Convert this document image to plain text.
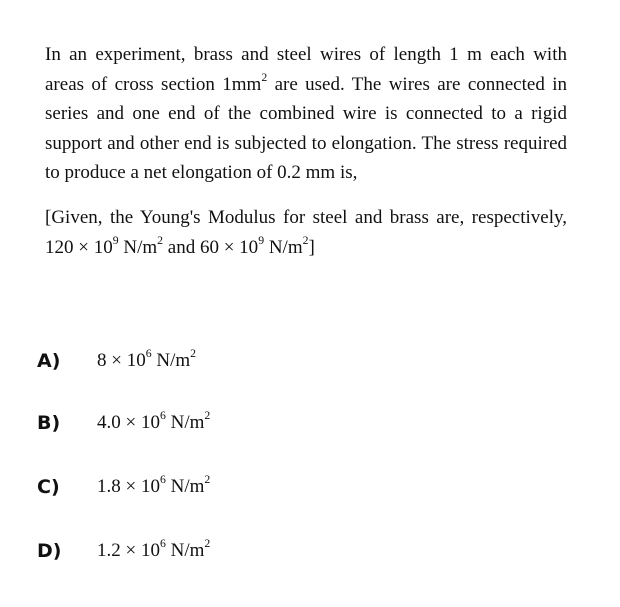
In an experiment, brass and steel wires of length 1 m each with areas of cross section $1mm^2$ are used. The wires are connected in series and one end of the combined wire is connected to a rigid support and other end is subjected to elongation. The stress required to produce a net elongation of 0.2 mm is,

[Given, the Young's Modulus for steel and brass are, respectively, $120 \times 10^9$ $N/m^2$ and $60 \times 10^9$ $N/m^2$]

A)	$8 \times 10^6$ $N/m^2$
B)	$4.0 \times 10^6$ $N/m^2$
C)	$1.8 \times 10^6$ $N/m^2$
D)	$1.2 \times 10^6$ $N/m^2$
